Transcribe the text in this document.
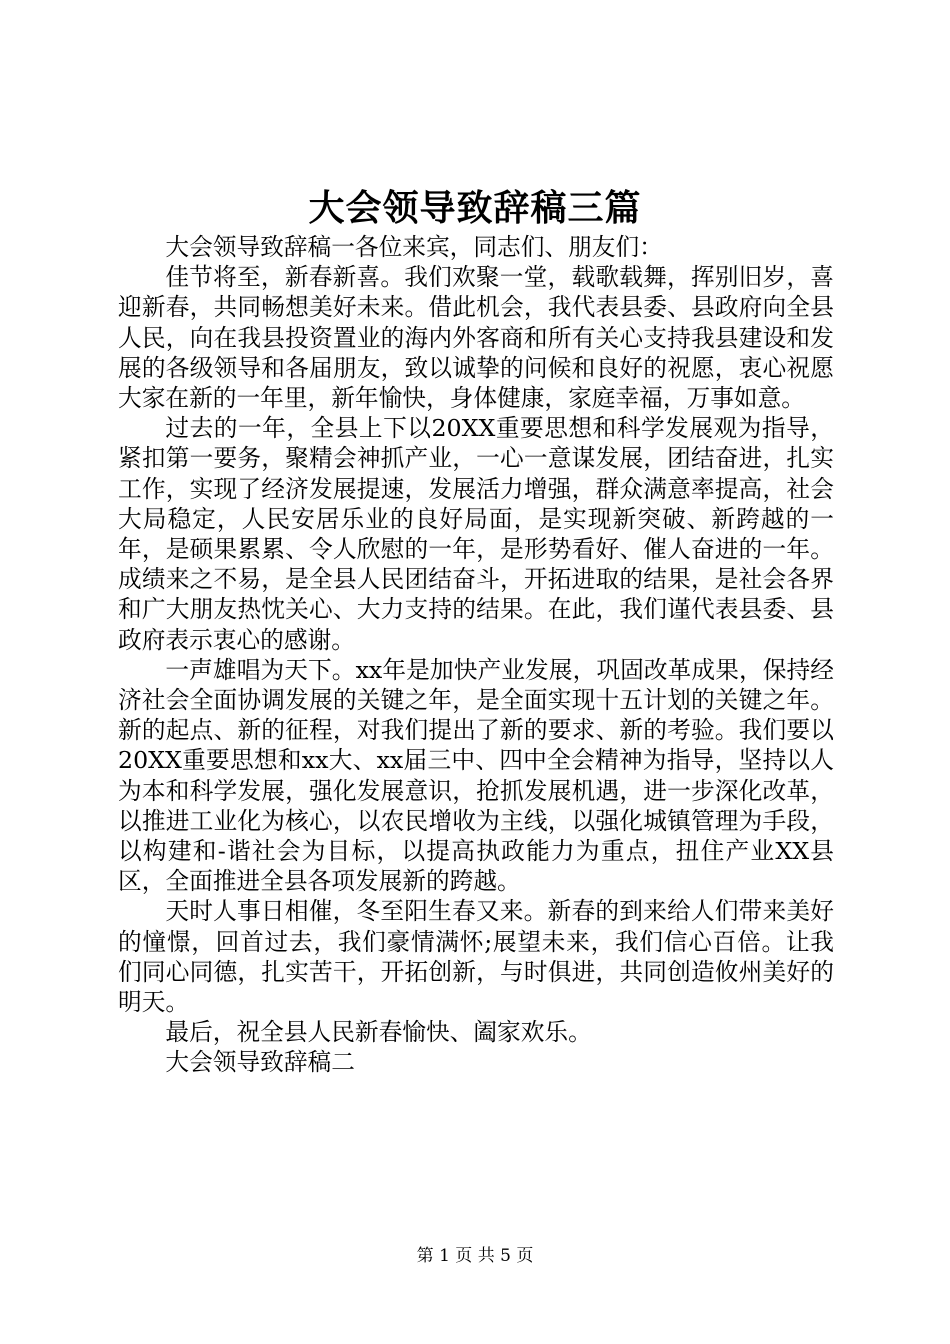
大会领导致辞稿三篇

大会领导致辞稿一各位来宾，同志们、朋友们：

佳节将至，新春新喜。我们欢聚一堂，载歌载舞，挥别旧岁，喜迎新春，共同畅想美好未来。借此机会，我代表县委、县政府向全县人民，向在我县投资置业的海内外客商和所有关心支持我县建设和发展的各级领导和各届朋友，致以诚挚的问候和良好的祝愿，衷心祝愿大家在新的一年里，新年愉快，身体健康，家庭幸福，万事如意。

过去的一年，全县上下以20XX重要思想和科学发展观为指导，紧扣第一要务，聚精会神抓产业，一心一意谋发展，团结奋进，扎实工作，实现了经济发展提速，发展活力增强，群众满意率提高，社会大局稳定，人民安居乐业的良好局面，是实现新突破、新跨越的一年，是硕果累累、令人欣慰的一年，是形势看好、催人奋进的一年。成绩来之不易，是全县人民团结奋斗，开拓进取的结果，是社会各界和广大朋友热忱关心、大力支持的结果。在此，我们谨代表县委、县政府表示衷心的感谢。

一声雄唱为天下。xx年是加快产业发展，巩固改革成果，保持经济社会全面协调发展的关键之年，是全面实现十五计划的关键之年。新的起点、新的征程，对我们提出了新的要求、新的考验。我们要以20XX重要思想和xx大、xx届三中、四中全会精神为指导，坚持以人为本和科学发展，强化发展意识，抢抓发展机遇，进一步深化改革，以推进工业化为核心，以农民增收为主线，以强化城镇管理为手段，以构建和-谐社会为目标，以提高执政能力为重点，扭住产业XX县区，全面推进全县各项发展新的跨越。

天时人事日相催，冬至阳生春又来。新春的到来给人们带来美好的憧憬，回首过去，我们豪情满怀;展望未来，我们信心百倍。让我们同心同德，扎实苦干，开拓创新，与时俱进，共同创造攸州美好的明天。

最后，祝全县人民新春愉快、阖家欢乐。

大会领导致辞稿二

第 1 页 共 5 页
